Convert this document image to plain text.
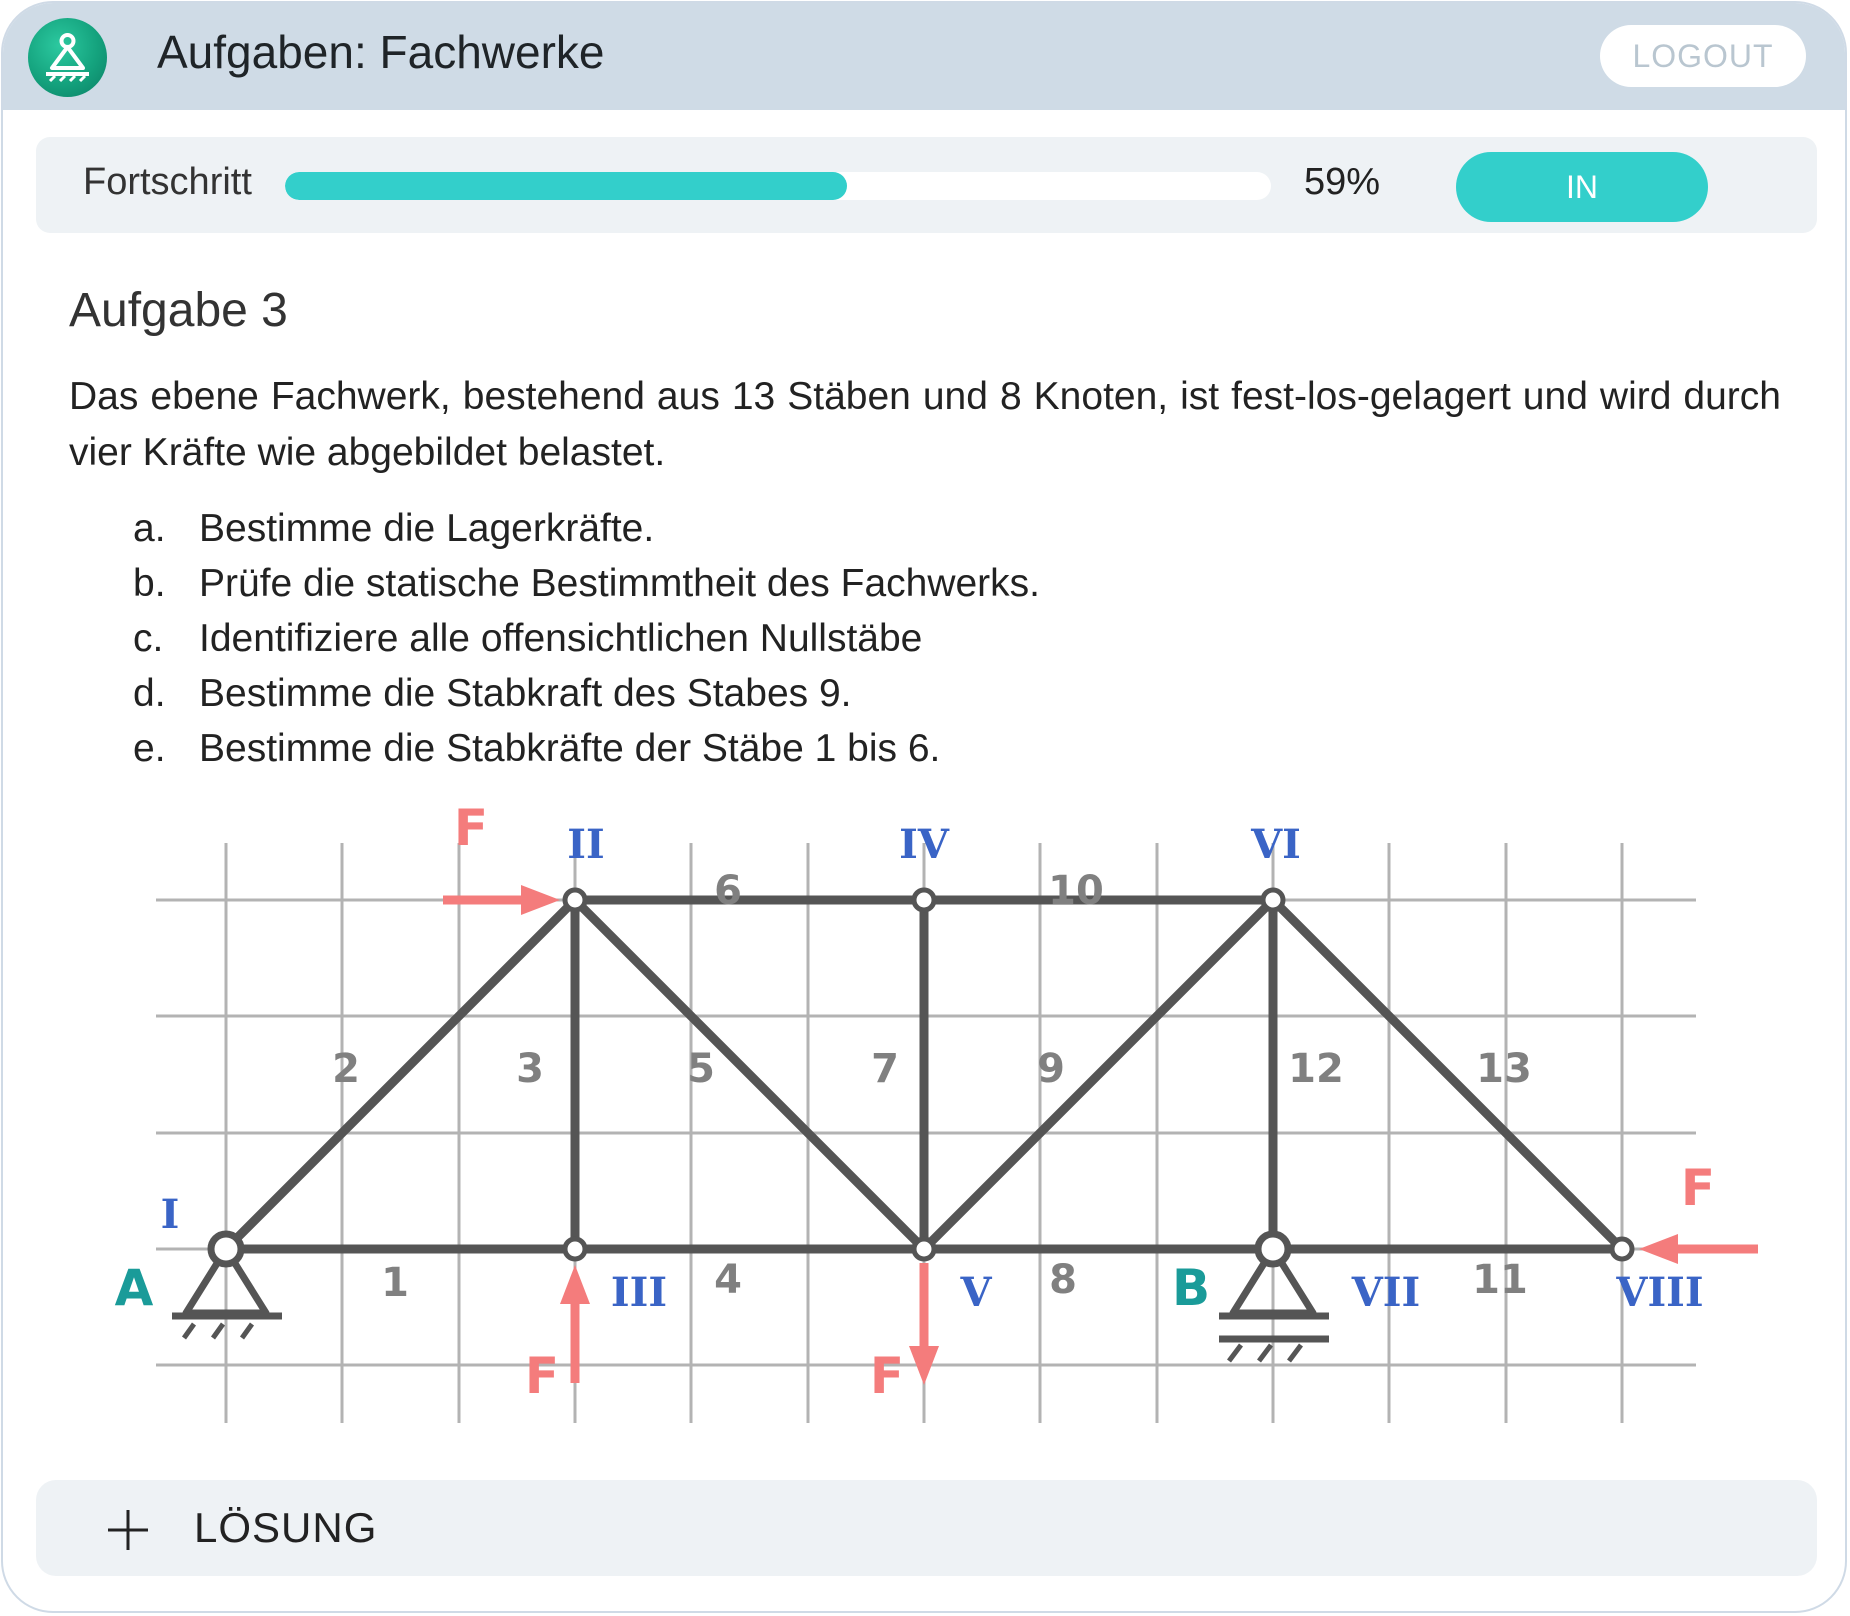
Aufgaben: Fachwerke	LOGOUT
Fortschritt	59%	IN BEARBEITUNG
Aufgabe 3

Das ebene Fachwerk, bestehend aus 13 Stäben und 8 Knoten, ist fest-los-gelagert und wird durch vier Kräfte wie abgebildet belastet.

a. Bestimme die Lagerkräfte.
b. Prüfe die statische Bestimmtheit des Fachwerks.
c. Identifiziere alle offensichtlichen Nullstäbe
d. Bestimme die Stabkraft des Stabes 9.
e. Bestimme die Stabkräfte der Stäbe 1 bis 6.
1
2	3
4
5
6
7
8
9
10
11
12	13
I
II
III
IV
V
VI
VII	VIII
A	B
F
F	F
F
LÖSUNG
